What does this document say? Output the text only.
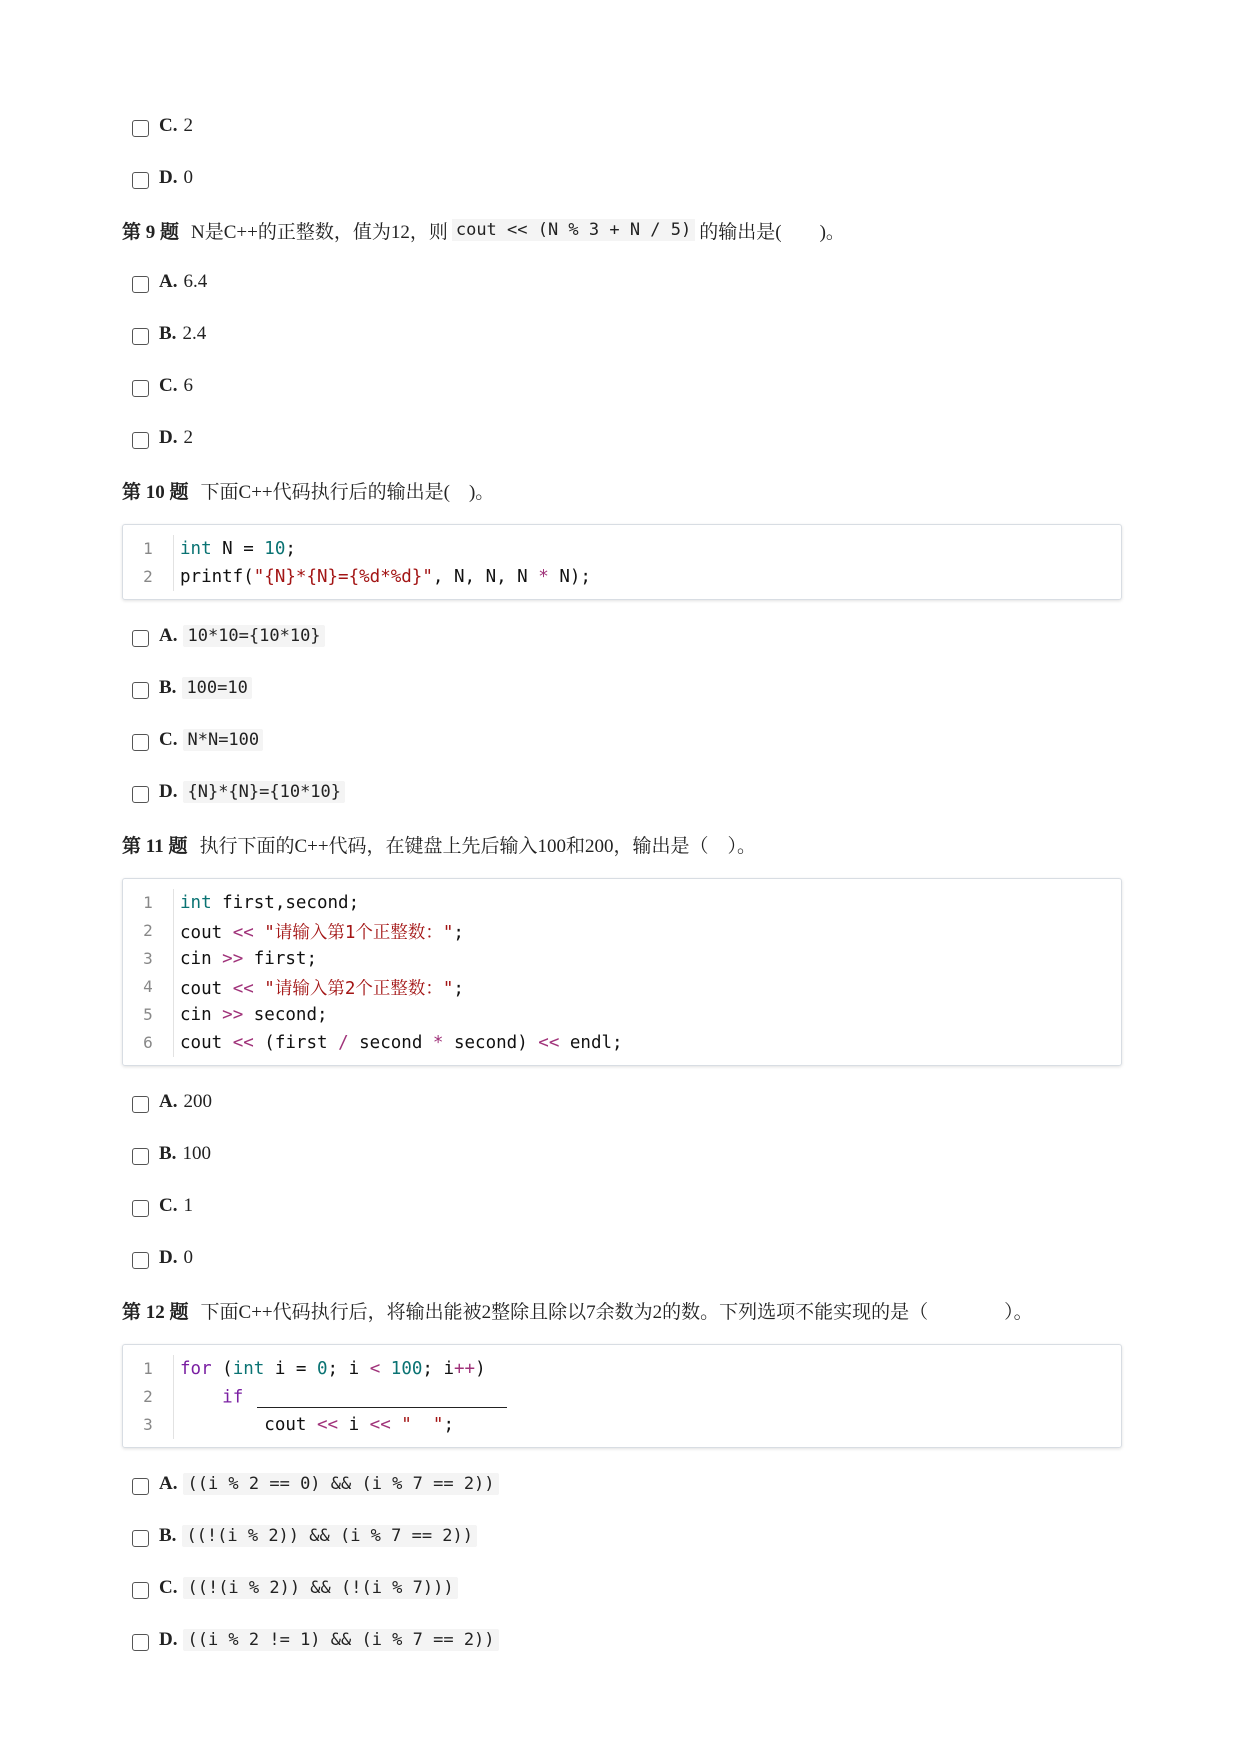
C. 2
D. 0
第 9 题 N是C++的正整数，值为12，则 cout << (N % 3 + N / 5) 的输出是(　　)。
A. 6.4
B. 2.4
C. 6
D. 2
第 10 题 下面C++代码执行后的输出是(　)。
1	int N = 10;
2	printf("{N}*{N}={%d*%d}", N, N, N * N);
A. 10*10={10*10}
B. 100=10
C. N*N=100
D. {N}*{N}={10*10}
第 11 题 执行下面的C++代码，在键盘上先后输入100和200，输出是（　）。
1	int first,second;
2	cout << "请输入第1个正整数：";
3	cin >> first;
4	cout << "请输入第2个正整数：";
5	cin >> second;
6	cout << (first / second * second) << endl;
A. 200
B. 100
C. 1
D. 0
第 12 题 下面C++代码执行后，将输出能被2整除且除以7余数为2的数。下列选项不能实现的是（　　　　）。
1	for (int i = 0; i < 100; i++)
2	if
3	cout << i << "  ";
A. ((i % 2 == 0) && (i % 7 == 2))
B. ((!(i % 2)) && (i % 7 == 2))
C. ((!(i % 2)) && (!(i % 7)))
D. ((i % 2 != 1) && (i % 7 == 2))
